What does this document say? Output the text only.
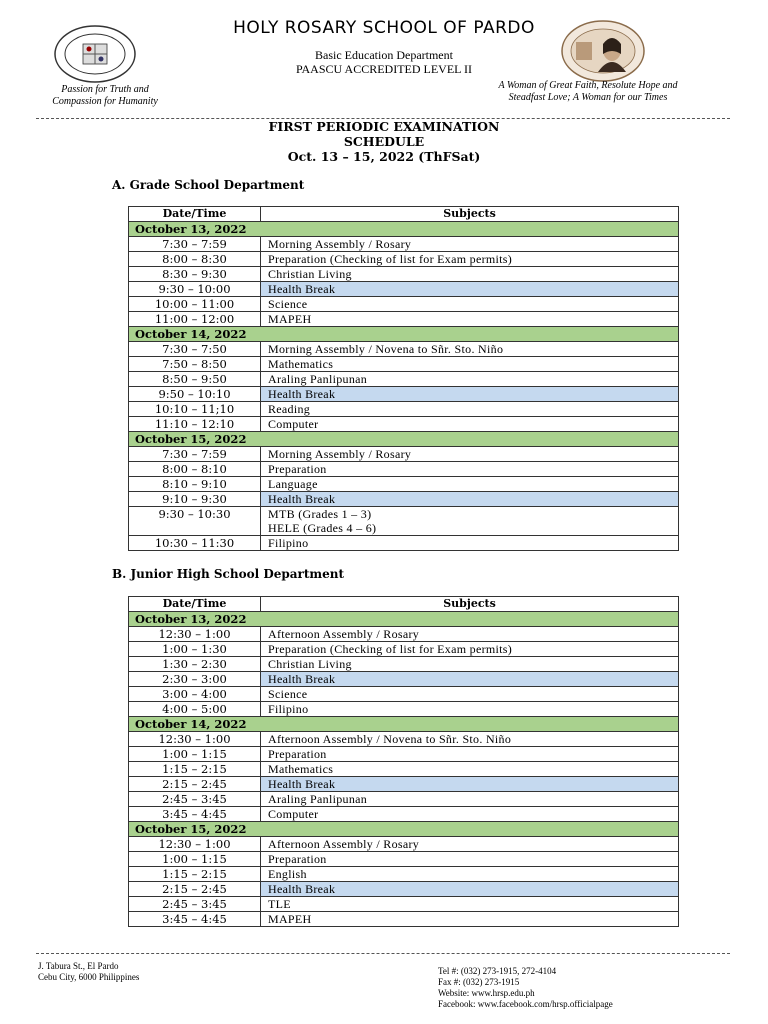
HOLY ROSARY SCHOOL OF PARDO
Basic Education Department
PAASCU ACCREDITED LEVEL II
Passion for Truth and
Compassion for Humanity
A Woman of Great Faith, Resolute Hope and
Steadfast Love; A Woman for our Times
FIRST PERIODIC EXAMINATION
SCHEDULE
Oct. 13 – 15, 2022 (ThFSat)
A. Grade School Department
Date/Time	Subjects
October 13, 2022	
7:30 – 7:59	Morning Assembly / Rosary

8:00 – 8:30	Preparation (Checking of list for Exam permits)

8:30 – 9:30	Christian Living

9:30 – 10:00	Health Break

10:00 – 11:00	Science

11:00 – 12:00	MAPEH

October 14, 2022	
7:30 – 7:50	Morning Assembly / Novena to Sñr. Sto. Niño

7:50 – 8:50	Mathematics

8:50 – 9:50	Araling Panlipunan

9:50 – 10:10	Health Break

10:10 – 11;10	Reading

11:10 – 12:10	Computer

October 15, 2022	
7:30 – 7:59	Morning Assembly / Rosary

8:00 – 8:10	Preparation

8:10 – 9:10	Language

9:10 – 9:30	Health Break

9:30 – 10:30	MTB (Grades 1 – 3)
HELE (Grades 4 – 6)

10:30 – 11:30	Filipino
B. Junior High School Department
Date/Time	Subjects
October 13, 2022	
12:30 – 1:00	Afternoon Assembly / Rosary

1:00 – 1:30	Preparation (Checking of list for Exam permits)

1:30 – 2:30	Christian Living

2:30 – 3:00	Health Break

3:00 – 4:00	Science

4:00 – 5:00	Filipino

October 14, 2022	
12:30 – 1:00	Afternoon Assembly / Novena to Sñr. Sto. Niño

1:00 – 1:15	Preparation

1:15 – 2:15	Mathematics

2:15 – 2:45	Health Break

2:45 – 3:45	Araling Panlipunan

3:45 – 4:45	Computer

October 15, 2022	
12:30 – 1:00	Afternoon Assembly / Rosary

1:00 – 1:15	Preparation

1:15 – 2:15	English

2:15 – 2:45	Health Break

2:45 – 3:45	TLE

3:45 – 4:45	MAPEH
J. Tabura St., El Pardo
Cebu City, 6000 Philippines
Tel #: (032) 273-1915, 272-4104
Fax #: (032) 273-1915
Website: www.hrsp.edu.ph
Facebook: www.facebook.com/hrsp.officialpage
